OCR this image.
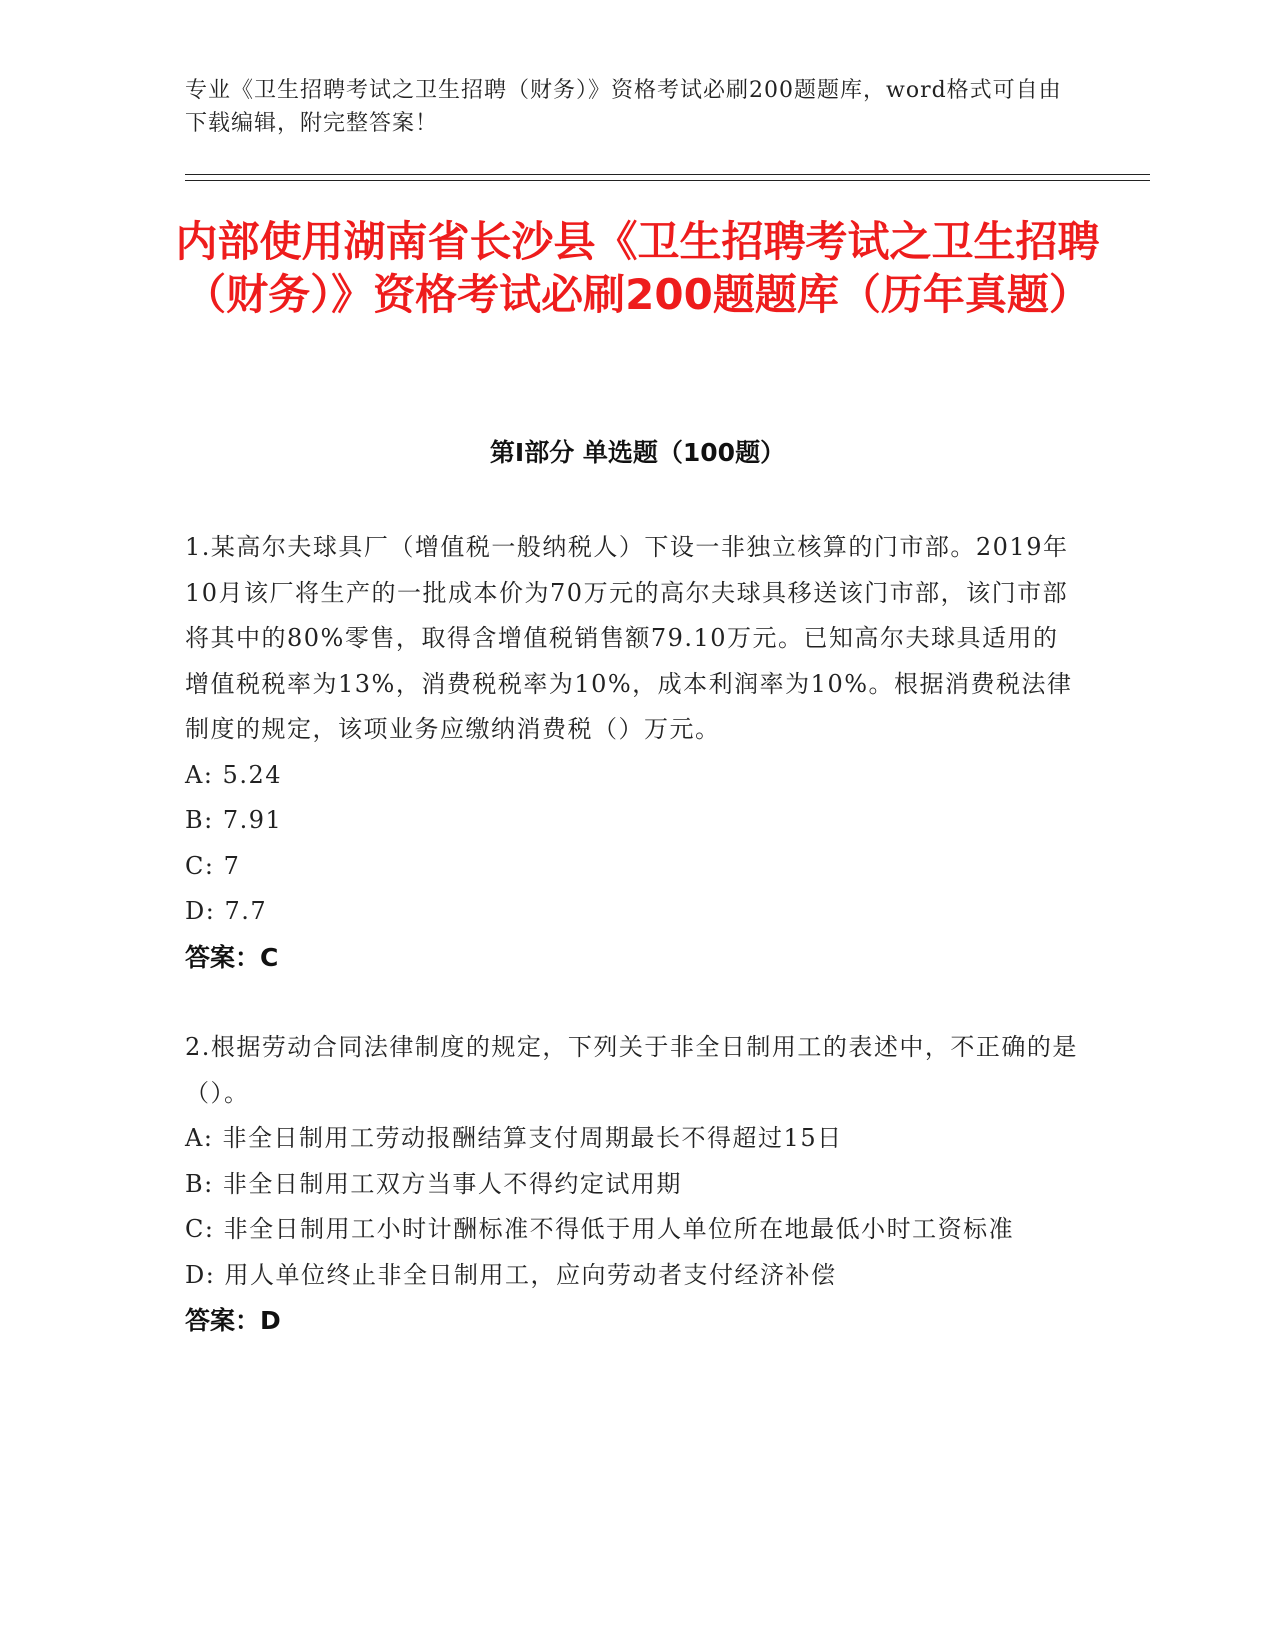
专业《卫生招聘考试之卫生招聘（财务）》资格考试必刷200题题库，word格式可自由下载编辑，附完整答案！
内部使用湖南省长沙县《卫生招聘考试之卫生招聘（财务）》资格考试必刷200题题库（历年真题）
第Ⅰ部分 单选题（100题）
1.某高尔夫球具厂（增值税一般纳税人）下设一非独立核算的门市部。2019年10月该厂将生产的一批成本价为70万元的高尔夫球具移送该门市部，该门市部将其中的80%零售，取得含增值税销售额79.10万元。已知高尔夫球具适用的增值税税率为13%，消费税税率为10%，成本利润率为10%。根据消费税法律制度的规定，该项业务应缴纳消费税（）万元。
A: 5.24
B: 7.91
C: 7
D: 7.7
答案：C
2.根据劳动合同法律制度的规定，下列关于非全日制用工的表述中，不正确的是（）。
A: 非全日制用工劳动报酬结算支付周期最长不得超过15日
B: 非全日制用工双方当事人不得约定试用期
C: 非全日制用工小时计酬标准不得低于用人单位所在地最低小时工资标准
D: 用人单位终止非全日制用工，应向劳动者支付经济补偿
答案：D
